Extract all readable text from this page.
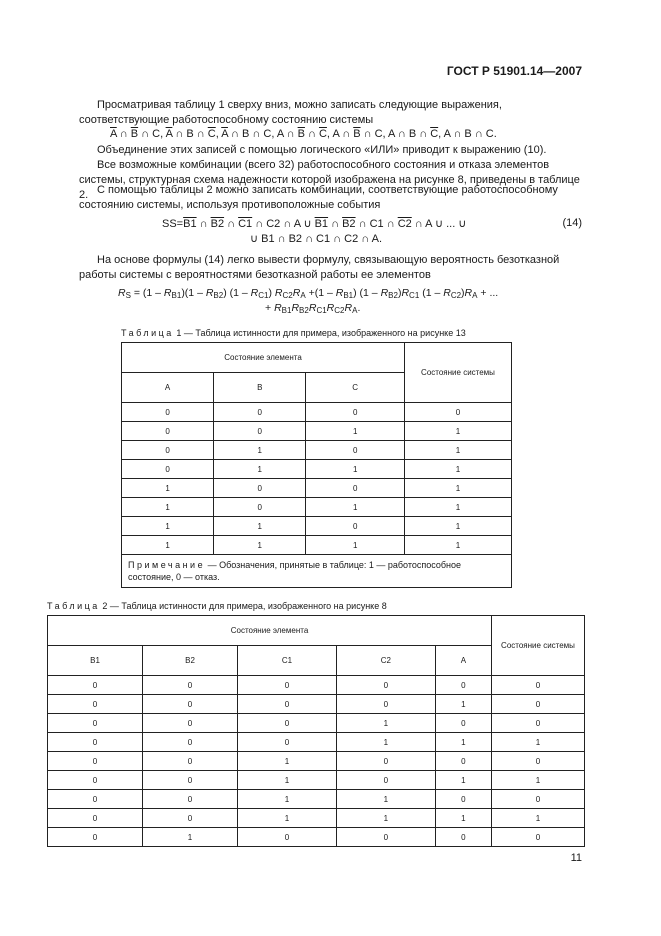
ГОСТ Р 51901.14—2007
Просматривая таблицу 1 сверху вниз, можно записать следующие выражения, соответствующие работоспособному состоянию системы
$\overline{A}$ ∩ $\overline{B}$ ∩ C, $\overline{A}$ ∩ B ∩ $\overline{C}$, $\overline{A}$ ∩ B ∩ C, A ∩ $\overline{B}$ ∩ $\overline{C}$, A ∩ $\overline{B}$ ∩ C, A ∩ B ∩ $\overline{C}$, A ∩ B ∩ C.
Объединение этих записей с помощью логического «ИЛИ» приводит к выражению (10).
Все возможные комбинации (всего 32) работоспособного состояния и отказа элементов системы, структурная схема надежности которой изображена на рисунке 8, приведены в таблице 2. С помощью таблицы 2 можно записать комбинации, соответствующие работоспособному состоянию системы, используя противоположные события
SS=B1 ∩ B2 ∩ C1 ∩ C2 ∩ A ∪ B1 ∩ B2 ∩ C1 ∩ C2 ∩ A ∪ ... ∪	(14)
∪ B1 ∩ B2 ∩ C1 ∩ C2 ∩ A.
На основе формулы (14) легко вывести формулу, связывающую вероятность безотказной работы системы с вероятностями безотказной работы ее элементов
$R_S = (1 - R_{B1})(1 - R_{B2})$ $(1 - R_{C1})$ $R_{C2}R_A +(1 - R_{B1})$ $(1 - R_{B2})R_{C1}$ $(1 - R_{C2})R_A$ + ...
+ $R_{B1}R_{B2}R_{C1}R_{C2}R_A$.
Таблица 1 — Таблица истинности для примера, изображенного на рисунке 13
Состояние элемента			Состояние системы
A	B	C	
0	0	0	0
0	0	1	1
0	1	0	1
0	1	1	1
1	0	0	1
1	0	1	1
1	1	0	1
1	1	1	1
Примечание — Обозначения, принятые в таблице: 1 — работоспособное состояние, 0 — отказ.			
Таблица 2 — Таблица истинности для примера, изображенного на рисунке 8
Состояние элемента					Состояние системы
B1	B2	C1	C2	A	
0	0	0	0	0	0
0	0	0	0	1	0
0	0	0	1	0	0
0	0	0	1	1	1
0	0	1	0	0	0
0	0	1	0	1	1
0	0	1	1	0	0
0	0	1	1	1	1
0	1	0	0	0	0
11
